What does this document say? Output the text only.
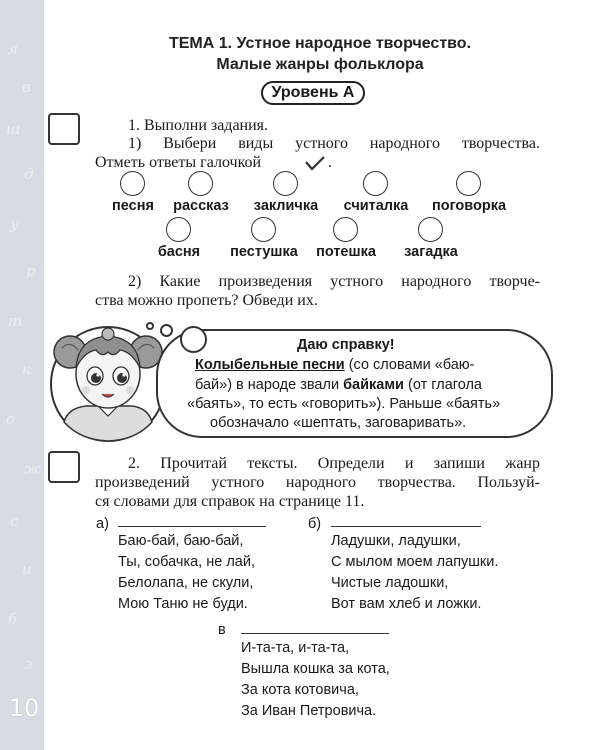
я
в
ш
д
у
р
т
к
о
ж
с
и
б
э
10
ТЕМА 1. Устное народное творчество.
Малые жанры фольклора
Уровень А
1. Выполни задания.
1) Выбери виды устного народного творчества.
Отметь ответы галочкой	.
песня	рассказ	закличка	считалка	поговорка
басня	пестушка	потешка	загадка
2) Какие произведения устного народного творче-
ства можно пропеть? Обведи их.
Даю справку!
Колыбельные песни (со словами «баю-
бай») в народе звали байками (от глагола
«баять», то есть «говорить»). Раньше «баять»
обозначало «шептать, заговаривать».
2. Прочитай тексты. Определи и запиши жанр
произведений устного народного творчества. Пользуй-
ся словами для справок на странице 11.
а)
Баю-бай, баю-бай,
Ты, собачка, не лай,
Белолапа, не скули,
Мою Таню не буди.
б)
Ладушки, ладушки,
С мылом моем лапушки.
Чистые ладошки,
Вот вам хлеб и ложки.
в
И-та-та, и-та-та,
Вышла кошка за кота,
За кота котовича,
За Иван Петровича.
